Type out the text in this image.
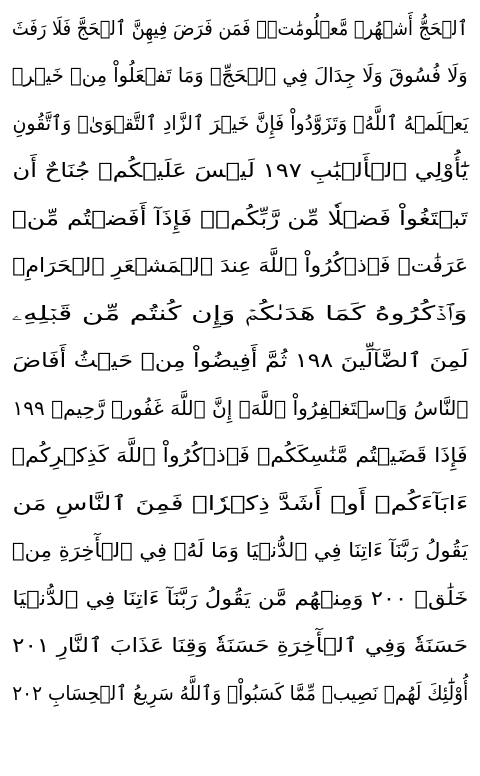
ٱلۡحَجُّ أَشۡهُرٞ مَّعۡلُومَٰتٞۚ فَمَن فَرَضَ فِيهِنَّ ٱلۡحَجَّ فَلَا رَفَثَ
وَلَا فُسُوقَ وَلَا جِدَالَ فِي ٱلۡحَجِّۗ وَمَا تَفۡعَلُواْ مِنۡ خَيۡرٖ
يَعۡلَمۡهُ ٱللَّهُۗ وَتَزَوَّدُواْ فَإِنَّ خَيۡرَ ٱلزَّادِ ٱلتَّقۡوَىٰۖ وَٱتَّقُونِ
يَٰٓأُوْلِي ٱلۡأَلۡبَٰبِ ١٩٧ لَيۡسَ عَلَيۡكُمۡ جُنَاحٌ أَن
تَبۡتَغُواْ فَضۡلٗا مِّن رَّبِّكُمۡۚ فَإِذَآ أَفَضۡتُم مِّنۡ
عَرَفَٰتٖ فَٱذۡكُرُواْ ٱللَّهَ عِندَ ٱلۡمَشۡعَرِ ٱلۡحَرَامِۖ
وَٱذۡكُرُوهُ كَمَا هَدَىٰكُمۡ وَإِن كُنتُم مِّن قَبۡلِهِۦ
لَمِنَ ٱلضَّآلِّينَ ١٩٨ ثُمَّ أَفِيضُواْ مِنۡ حَيۡثُ أَفَاضَ
ٱلنَّاسُ وَٱسۡتَغۡفِرُواْ ٱللَّهَۚ إِنَّ ٱللَّهَ غَفُورٞ رَّحِيمٞ ١٩٩
فَإِذَا قَضَيۡتُم مَّنَٰسِكَكُمۡ فَٱذۡكُرُواْ ٱللَّهَ كَذِكۡرِكُمۡ
ءَابَآءَكُمۡ أَوۡ أَشَدَّ ذِكۡرٗاۗ فَمِنَ ٱلنَّاسِ مَن
يَقُولُ رَبَّنَآ ءَاتِنَا فِي ٱلدُّنۡيَا وَمَا لَهُۥ فِي ٱلۡأٓخِرَةِ مِنۡ
خَلَٰقٖ ٢٠٠ وَمِنۡهُم مَّن يَقُولُ رَبَّنَآ ءَاتِنَا فِي ٱلدُّنۡيَا
حَسَنَةٗ وَفِي ٱلۡأٓخِرَةِ حَسَنَةٗ وَقِنَا عَذَابَ ٱلنَّارِ ٢٠١
أُوْلَٰٓئِكَ لَهُمۡ نَصِيبٞ مِّمَّا كَسَبُواْۚ وَٱللَّهُ سَرِيعُ ٱلۡحِسَابِ ٢٠٢
